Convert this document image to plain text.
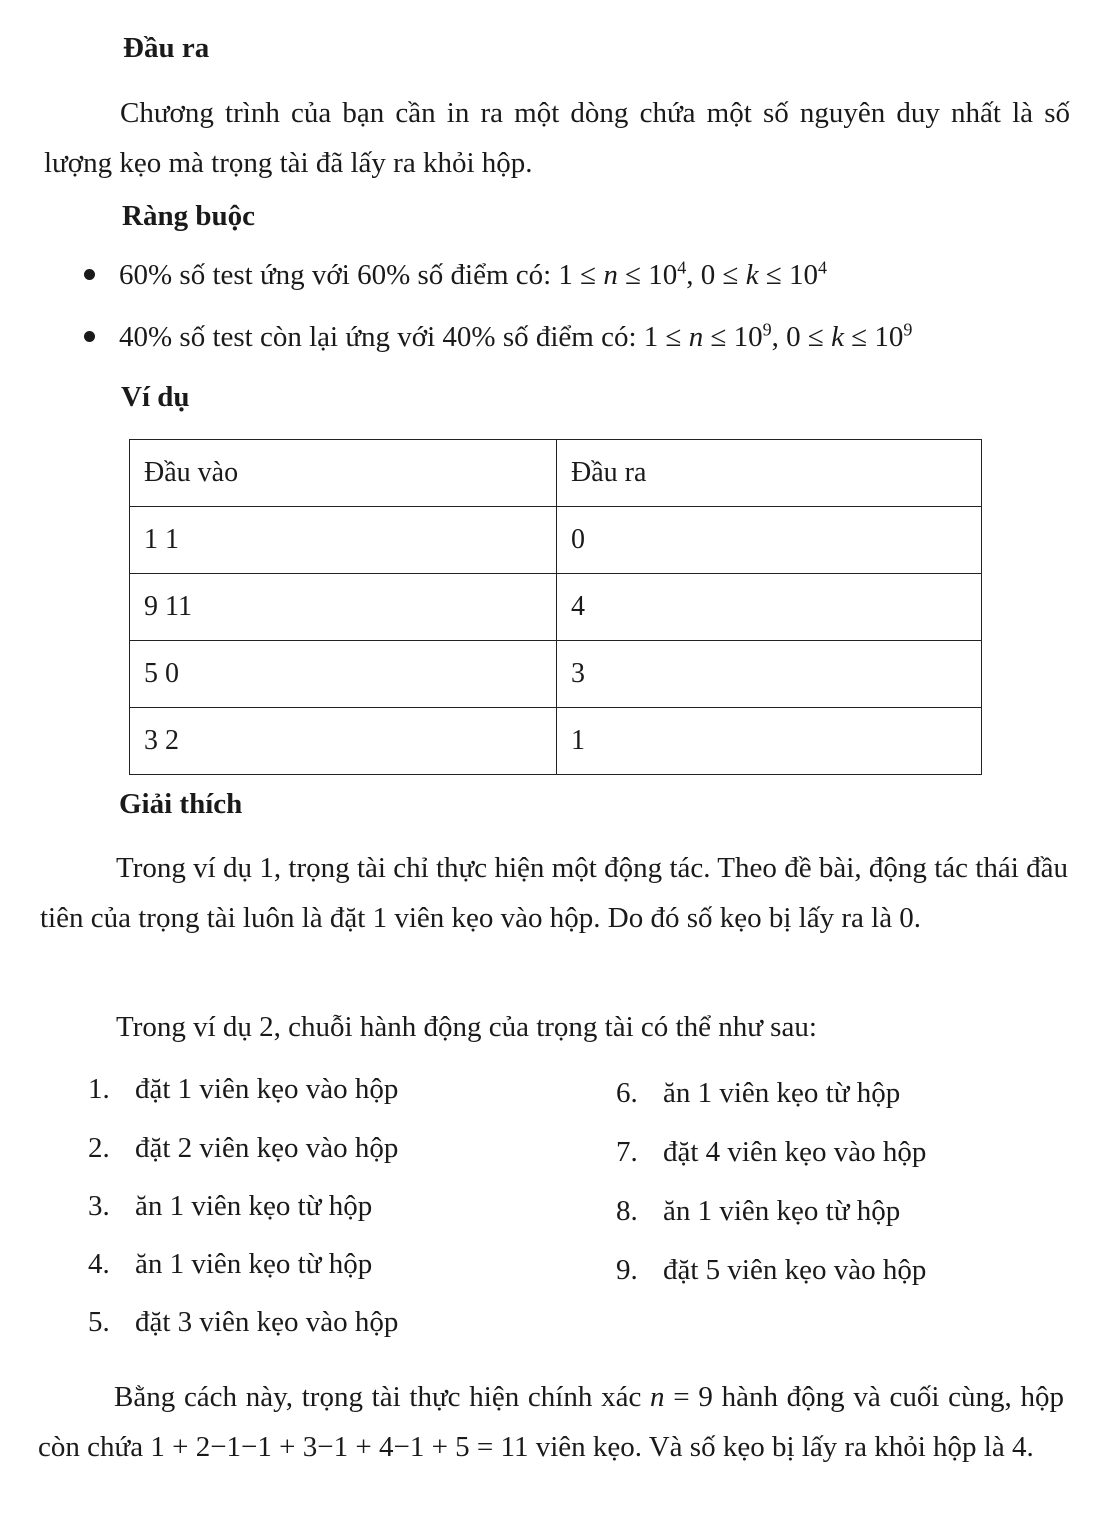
Đầu ra
Chương trình của bạn cần in ra một dòng chứa một số nguyên duy nhất là số lượng kẹo mà trọng tài đã lấy ra khỏi hộp.
Ràng buộc
60% số test ứng với 60% số điểm có: $1 \le n \le 10^4$, $0 \le k \le 10^4$
40% số test còn lại ứng với 40% số điểm có: $1 \le n \le 10^9$, $0 \le k \le 10^9$
Ví dụ
Đầu vào	Đầu ra
1 1	0
9 11	4
5 0	3
3 2	1
Giải thích
Trong ví dụ 1, trọng tài chỉ thực hiện một động tác. Theo đề bài, động tác thái đầu tiên của trọng tài luôn là đặt 1 viên kẹo vào hộp. Do đó số kẹo bị lấy ra là 0.
Trong ví dụ 2, chuỗi hành động của trọng tài có thể như sau:
1. đặt 1 viên kẹo vào hộp
2. đặt 2 viên kẹo vào hộp
3. ăn 1 viên kẹo từ hộp
4. ăn 1 viên kẹo từ hộp
5. đặt 3 viên kẹo vào hộp
6. ăn 1 viên kẹo từ hộp
7. đặt 4 viên kẹo vào hộp
8. ăn 1 viên kẹo từ hộp
9. đặt 5 viên kẹo vào hộp
Bằng cách này, trọng tài thực hiện chính xác n = 9 hành động và cuối cùng, hộp còn chứa 1 + 2−1−1 + 3−1 + 4−1 + 5 = 11 viên kẹo. Và số kẹo bị lấy ra khỏi hộp là 4.
